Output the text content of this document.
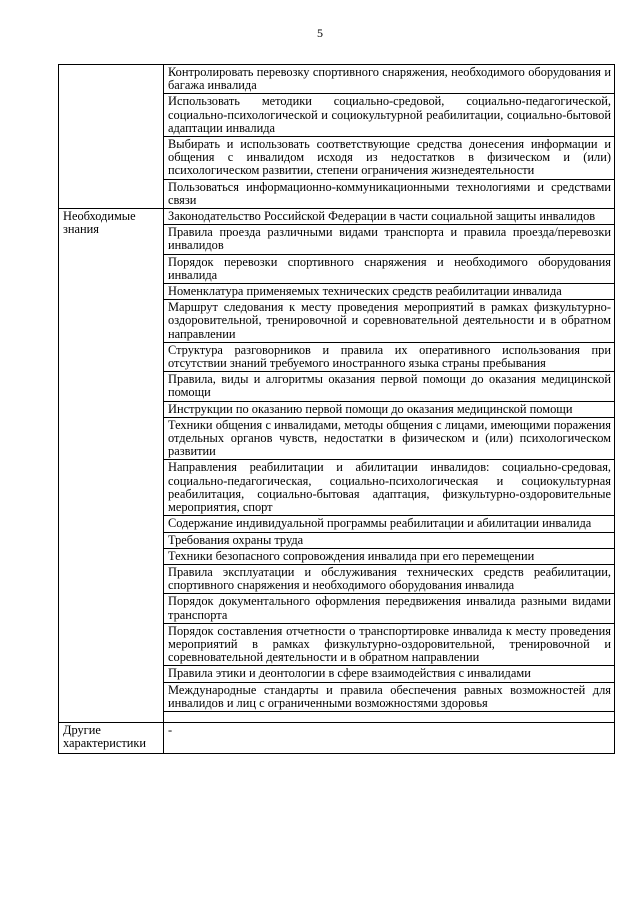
5
	Контролировать перевозку спортивного снаряжения, необходимого оборудования и багажа инвалида
	Использовать методики социально-средовой, социально-педагогической, социально-психологической и социокультурной реабилитации, социально-бытовой адаптации инвалида
	Выбирать и использовать соответствующие средства донесения информации и общения с инвалидом исходя из недостатков в физическом и (или) психологическом развитии, степени ограничения жизнедеятельности
	Пользоваться информационно-коммуникационными технологиями и средствами связи
Необходимые знания	Законодательство Российской Федерации в части социальной защиты инвалидов
	Правила проезда различными видами транспорта и правила проезда/перевозки инвалидов
	Порядок перевозки спортивного снаряжения и необходимого оборудования инвалида
	Номенклатура применяемых технических средств реабилитации инвалида
	Маршрут следования к месту проведения мероприятий в рамках физкультурно-оздоровительной, тренировочной и соревновательной деятельности и в обратном направлении
	Структура разговорников и правила их оперативного использования при отсутствии знаний требуемого иностранного языка страны пребывания
	Правила, виды и алгоритмы оказания первой помощи до оказания медицинской помощи
	Инструкции по оказанию первой помощи до оказания медицинской помощи
	Техники общения с инвалидами, методы общения с лицами, имеющими поражения отдельных органов чувств, недостатки в физическом и (или) психологическом развитии
	Направления реабилитации и абилитации инвалидов: социально-средовая, социально-педагогическая, социально-психологическая и социокультурная реабилитация, социально-бытовая адаптация, физкультурно-оздоровительные мероприятия, спорт
	Содержание индивидуальной программы реабилитации и абилитации инвалида
	Требования охраны труда
	Техники безопасного сопровождения инвалида при его перемещении
	Правила эксплуатации и обслуживания технических средств реабилитации, спортивного снаряжения и необходимого оборудования инвалида
	Порядок документального оформления передвижения инвалида разными видами транспорта
	Порядок составления отчетности о транспортировке инвалида к месту проведения мероприятий в рамках физкультурно-оздоровительной, тренировочной и соревновательной деятельности и в обратном направлении
	Правила этики и деонтологии в сфере взаимодействия с инвалидами
	Международные стандарты и правила обеспечения равных возможностей для инвалидов и лиц с ограниченными возможностями здоровья

Другие характеристики	-
